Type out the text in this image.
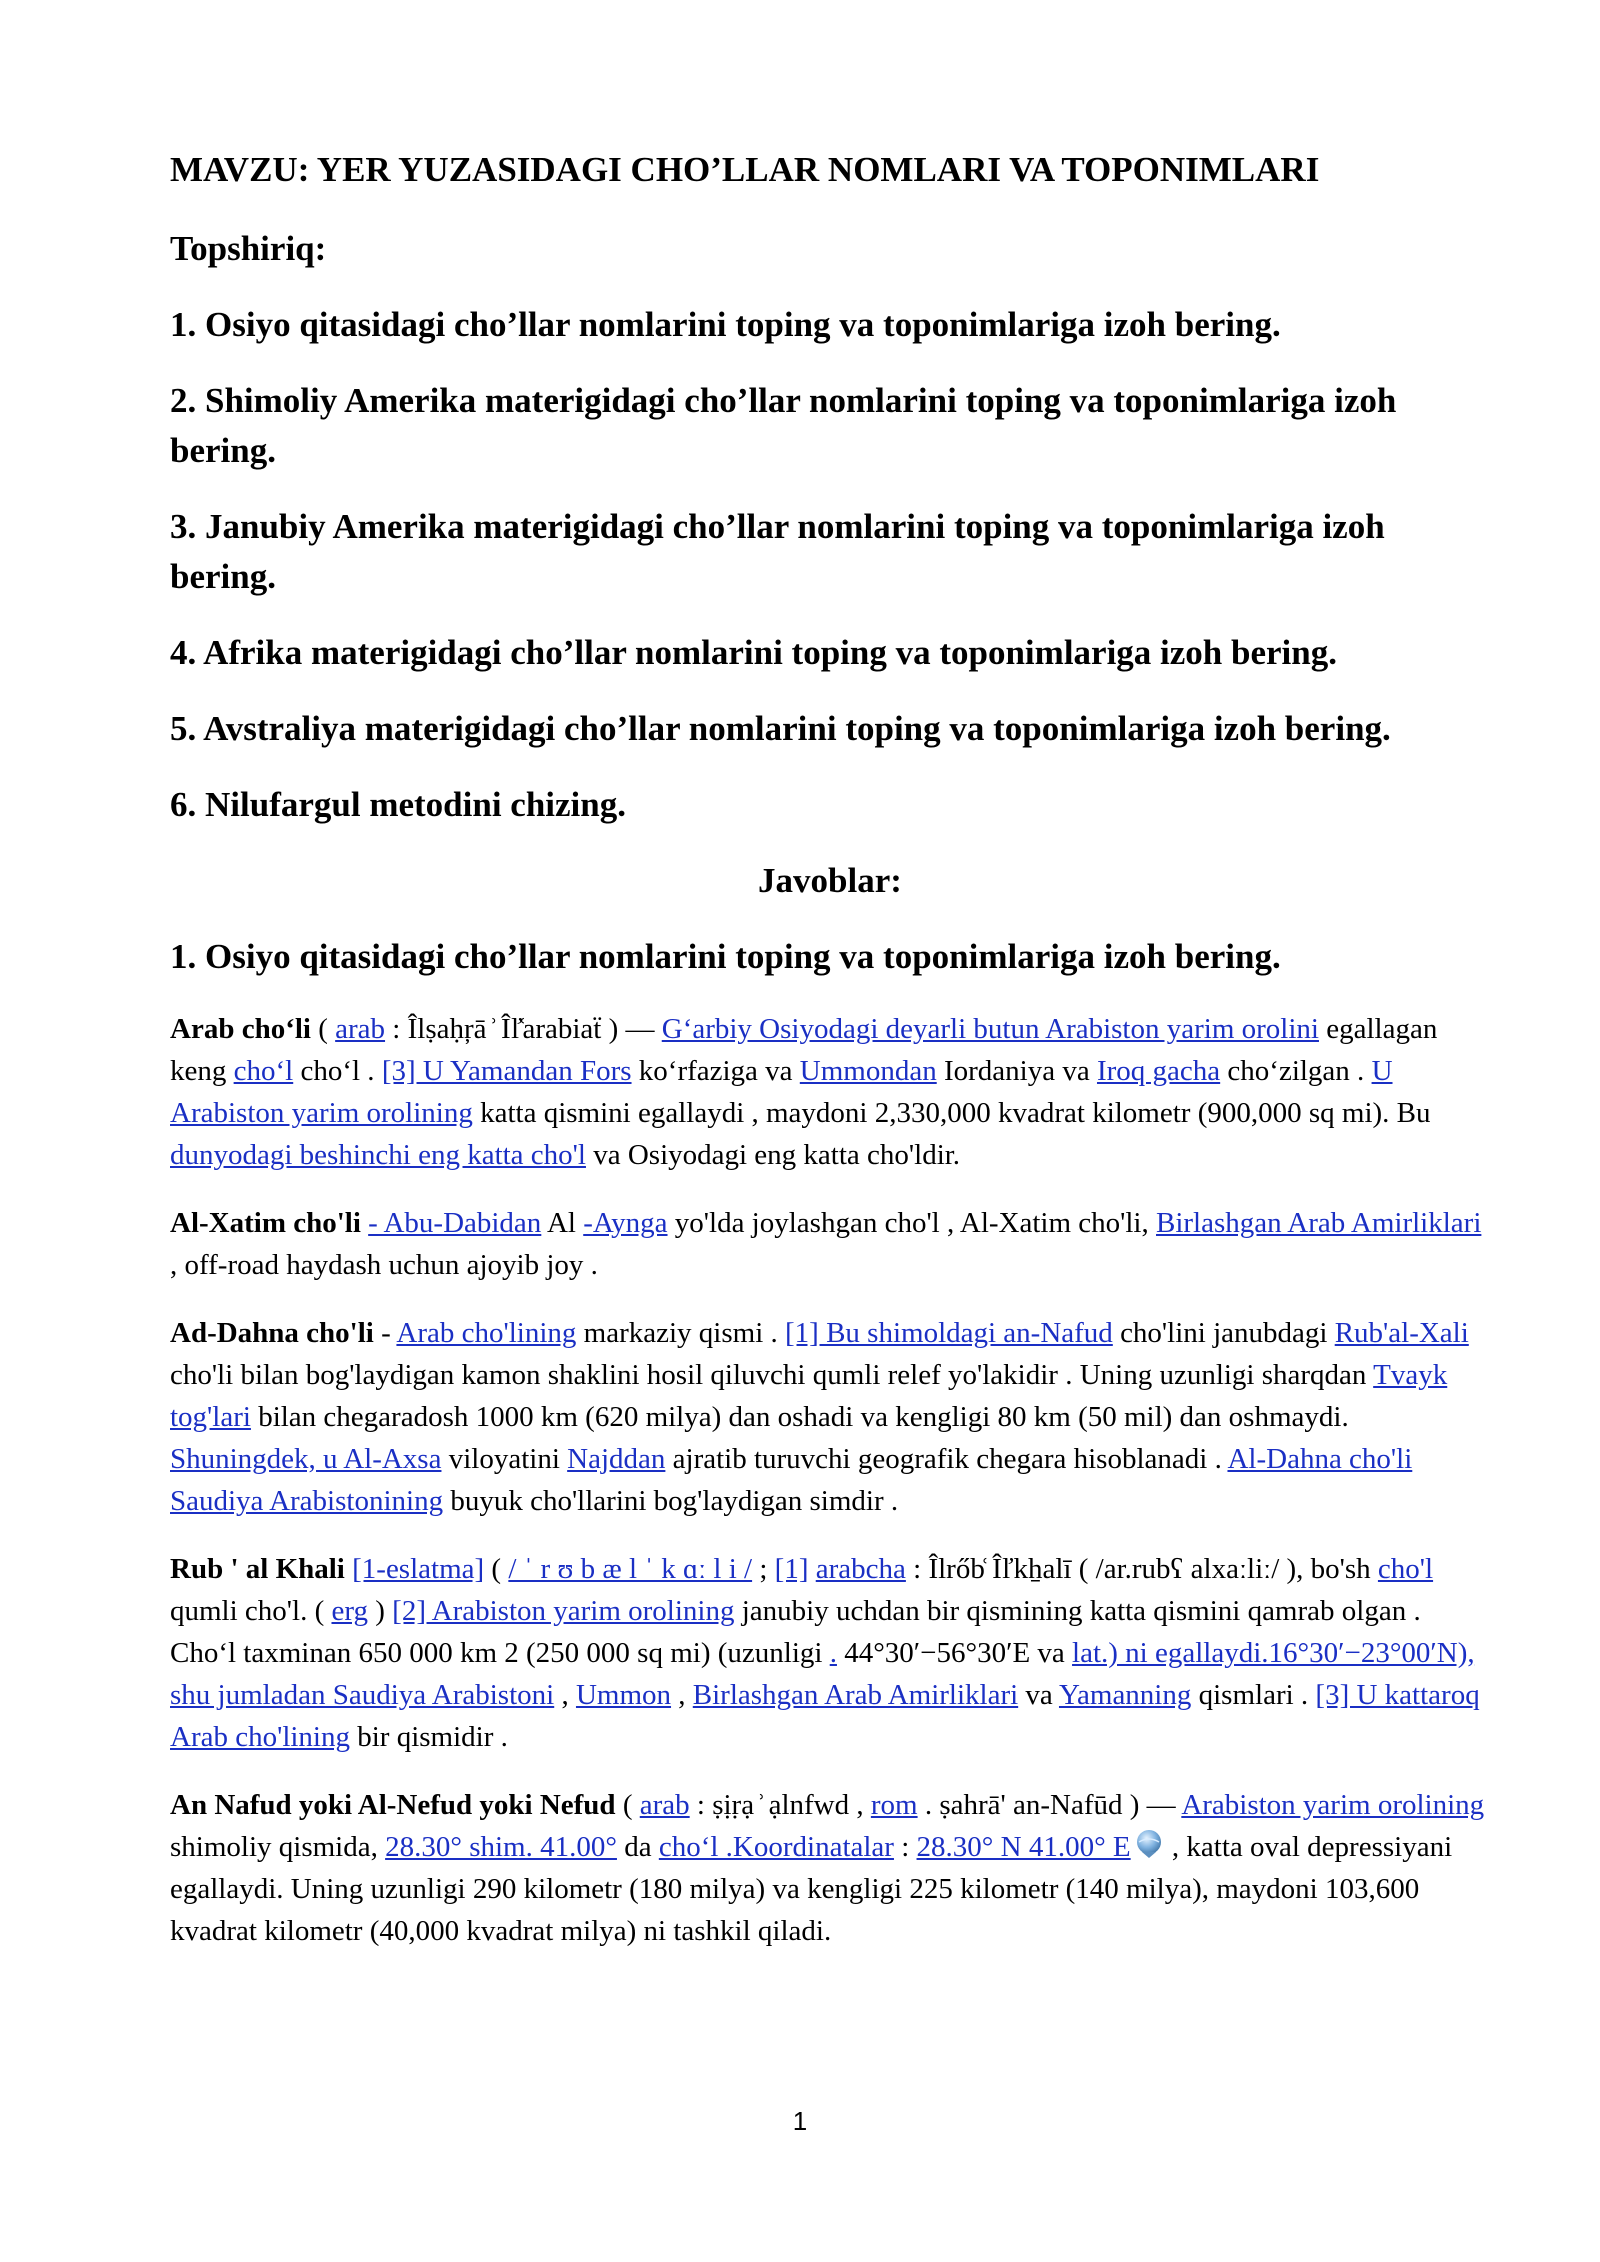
MAVZU: YER YUZASIDAGI CHO’LLAR NOMLARI VA TOPONIMLARI
Topshiriq:
1. Osiyo qitasidagi cho’llar nomlarini toping va toponimlariga izoh bering.
2. Shimoliy Amerika materigidagi cho’llar nomlarini toping va toponimlariga izoh bering.
3. Janubiy Amerika materigidagi cho’llar nomlarini toping va toponimlariga izoh bering.
4. Afrika materigidagi cho’llar nomlarini toping va toponimlariga izoh bering.
5. Avstraliya materigidagi cho’llar nomlarini toping va toponimlariga izoh bering.
6. Nilufargul metodini chizing.
Javoblar:
1. Osiyo qitasidagi cho’llar nomlarini toping va toponimlariga izoh bering.

Arab cho‘li ( arab : Îlṣaḥŗā ͗ Îľ͑arabiaẗ ) — G‘arbiy Osiyodagi deyarli butun Arabiston yarim orolini egallagan keng cho‘l cho‘l . [3] U Yamandan Fors ko‘rfaziga va Ummondan Iordaniya va Iroq gacha cho‘zilgan . U Arabiston yarim orolining katta qismini egallaydi , maydoni 2,330,000 kvadrat kilometr (900,000 sq mi). Bu dunyodagi beshinchi eng katta cho'l va Osiyodagi eng katta cho'ldir.

Al-Xatim cho'li - Abu-Dabidan Al -Aynga yo'lda joylashgan cho'l , Al-Xatim cho'li, Birlashgan Arab Amirliklari , off-road haydash uchun ajoyib joy .

Ad-Dahna cho'li - Arab cho'lining markaziy qismi . [1] Bu shimoldagi an-Nafud cho'lini janubdagi Rub'al-Xali cho'li bilan bog'laydigan kamon shaklini hosil qiluvchi qumli relef yo'lakidir . Uning uzunligi sharqdan Tvayk tog'lari bilan chegaradosh 1000 km (620 milya) dan oshadi va kengligi 80 km (50 mil) dan oshmaydi. Shuningdek, u Al-Axsa viloyatini Najddan ajratib turuvchi geografik chegara hisoblanadi . Al-Dahna cho'li Saudiya Arabistonining buyuk cho'llarini bog'laydigan simdir .

Rub ' al Khali [1-eslatma] ( / ˈ r ʊ b æ l ˈ k ɑː l i / ; [1] arabcha : Îlrőb͑ Îľkẖalī ( /ar.rubʕ alxaːliː/ ), bo'sh cho'l qumli cho'l. ( erg ) [2] Arabiston yarim orolining janubiy uchdan bir qismining katta qismini qamrab olgan . Cho‘l taxminan 650 000 km 2 (250 000 sq mi) (uzunligi . 44°30′−56°30′E va lat.) ni egallaydi.16°30′−23°00′N), shu jumladan Saudiya Arabistoni , Ummon , Birlashgan Arab Amirliklari va Yamanning qismlari . [3] U kattaroq Arab cho'lining bir qismidir .

An Nafud yoki Al-Nefud yoki Nefud ( arab : ṣịṛạ ͗ ạlnfwd , rom . ṣahrā' an-Nafūd ) — Arabiston yarim orolining shimoliy qismida, 28.30° shim. 41.00° da cho‘l .Koordinatalar : 28.30° N 41.00° E , katta oval depressiyani egallaydi. Uning uzunligi 290 kilometr (180 milya) va kengligi 225 kilometr (140 milya), maydoni 103,600 kvadrat kilometr (40,000 kvadrat milya) ni tashkil qiladi.

1
